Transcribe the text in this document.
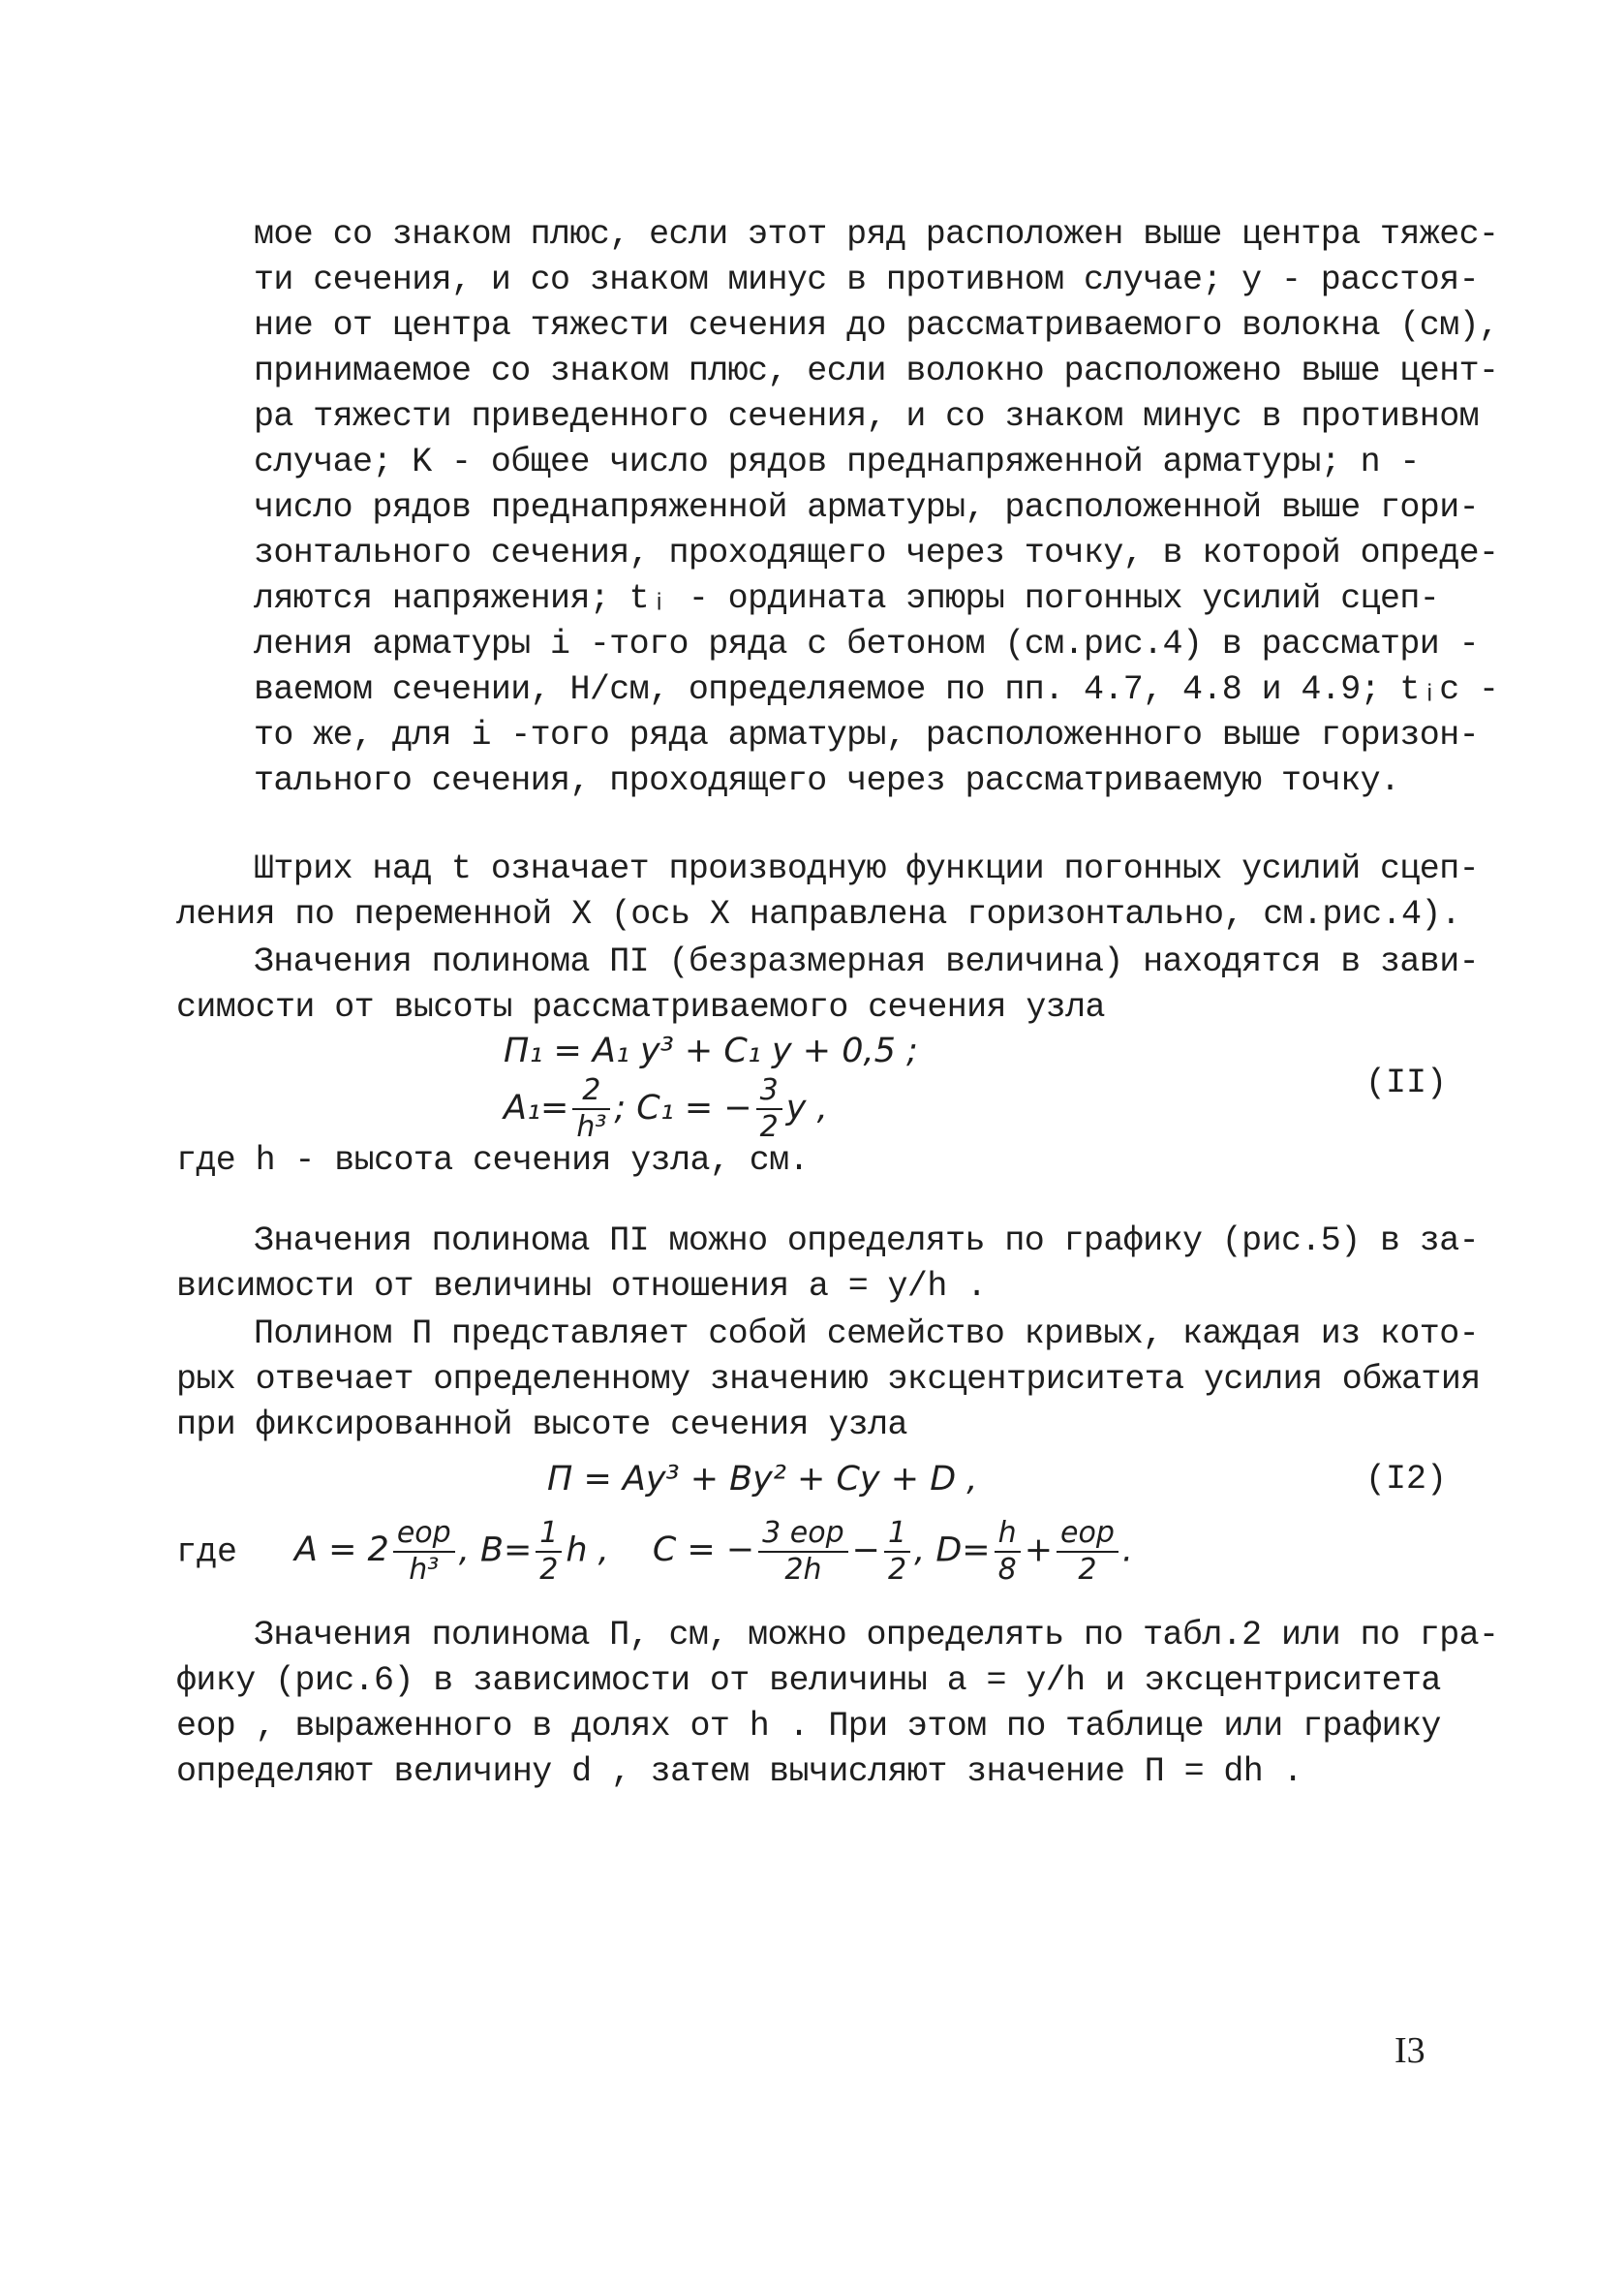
мое со знаком плюс, если этот ряд расположен выше центра тяжес-
ти сечения, и со знаком минус в противном случае; y - расстоя-
ние от центра тяжести сечения до рассматриваемого волокна (см),
принимаемое со знаком плюс, если волокно расположено выше цент-
ра тяжести приведенного сечения, и со знаком минус в противном
случае; K - общее число рядов преднапряженной арматуры; n -
число рядов преднапряженной арматуры, расположенной выше гори-
зонтального сечения, проходящего через точку, в которой опреде-
ляются напряжения; tᵢ - ордината эпюры погонных усилий сцеп-
ления арматуры i -того ряда с бетоном (см.рис.4) в рассматри -
ваемом сечении, Н/см, определяемое по пп. 4.7, 4.8 и 4.9; tᵢc -
то же, для i -того ряда арматуры, расположенного выше горизон-
тального сечения, проходящего через рассматриваемую точку.
Штрих над t означает производную функции погонных усилий сцеп-
ления по переменной X (ось X направлена горизонтально, см.рис.4).
Значения полинома ПI (безразмерная величина) находятся в зави-
симости от высоты рассматриваемого сечения узла
П₁ = A₁ y³ + C₁ y + 0,5 ;
$A_1= \frac{2}{\text{h³}}$ ; C₁ = − $\frac{3}{2}$ y ,
(II)
где h - высота сечения узла, см.
Значения полинома ПI можно определять по графику (рис.5) в за-
висимости от величины отношения a = y/h .
Полином П представляет собой семейство кривых, каждая из кото-
рых отвечает определенному значению эксцентриситета усилия обжатия
при фиксированной высоте сечения узла
П = Ay³ + By² + Cy + D ,	(I2)
где $A = 2 \frac{\text{eop}}{\text{h³}}$ , $B= \frac{1}{2}$ h , C = − $\frac{\text{3 eop}}{2h} - \frac{1}{2}$ , $D= \frac{h}{8} + \frac{\text{eop}}{2}$ .
Значения полинома П, см, можно определять по табл.2 или по гра-
фику (рис.6) в зависимости от величины a = y/h и эксцентриситета
eop , выраженного в долях от h . При этом по таблице или графику
определяют величину d , затем вычисляют значение П = dh .
I3
